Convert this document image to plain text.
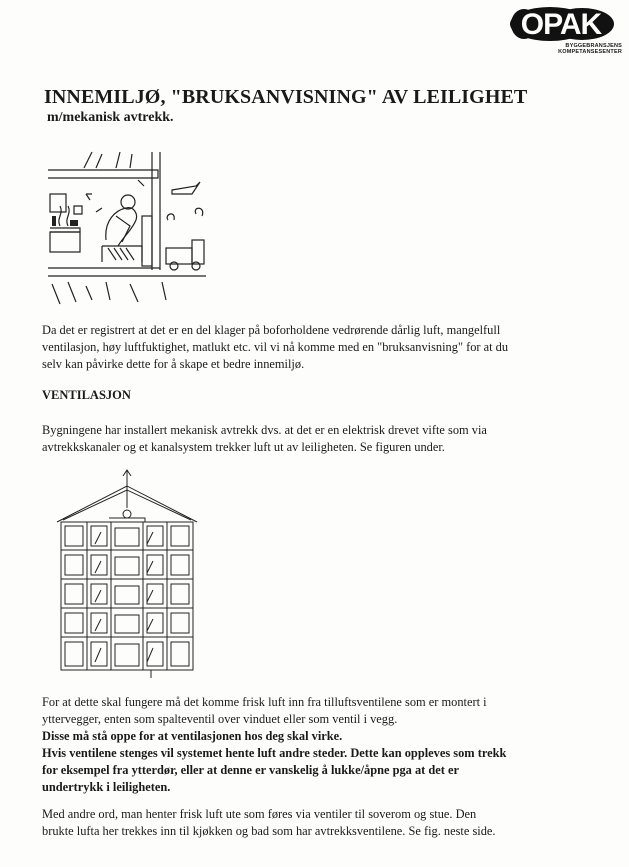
OPAK
BYGGEBRANSJENS KOMPETANSESENTER
INNEMILJØ, "BRUKSANVISNING" AV LEILIGHET
m/mekanisk avtrekk.
Da det er registrert at det er en del klager på boforholdene vedrørende dårlig luft, mangelfull
ventilasjon, høy luftfuktighet, matlukt etc. vil vi nå komme med en "bruksanvisning" for at du
selv kan påvirke dette for å skape et bedre innemiljø.
VENTILASJON
Bygningene har installert mekanisk avtrekk dvs. at det er en elektrisk drevet vifte som via
avtrekkskanaler og et kanalsystem trekker luft ut av leiligheten. Se figuren under.
For at dette skal fungere må det komme frisk luft inn fra tilluftsventilene som er montert i
yttervegger, enten som spalteventil over vinduet eller som ventil i vegg.
Disse må stå oppe for at ventilasjonen hos deg skal virke.
Hvis ventilene stenges vil systemet hente luft andre steder. Dette kan oppleves som trekk
for eksempel fra ytterdør, eller at denne er vanskelig å lukke/åpne pga at det er
undertrykk i leiligheten.
Med andre ord, man henter frisk luft ute som føres via ventiler til soverom og stue. Den
brukte lufta her trekkes inn til kjøkken og bad som har avtrekksventilene. Se fig. neste side.
